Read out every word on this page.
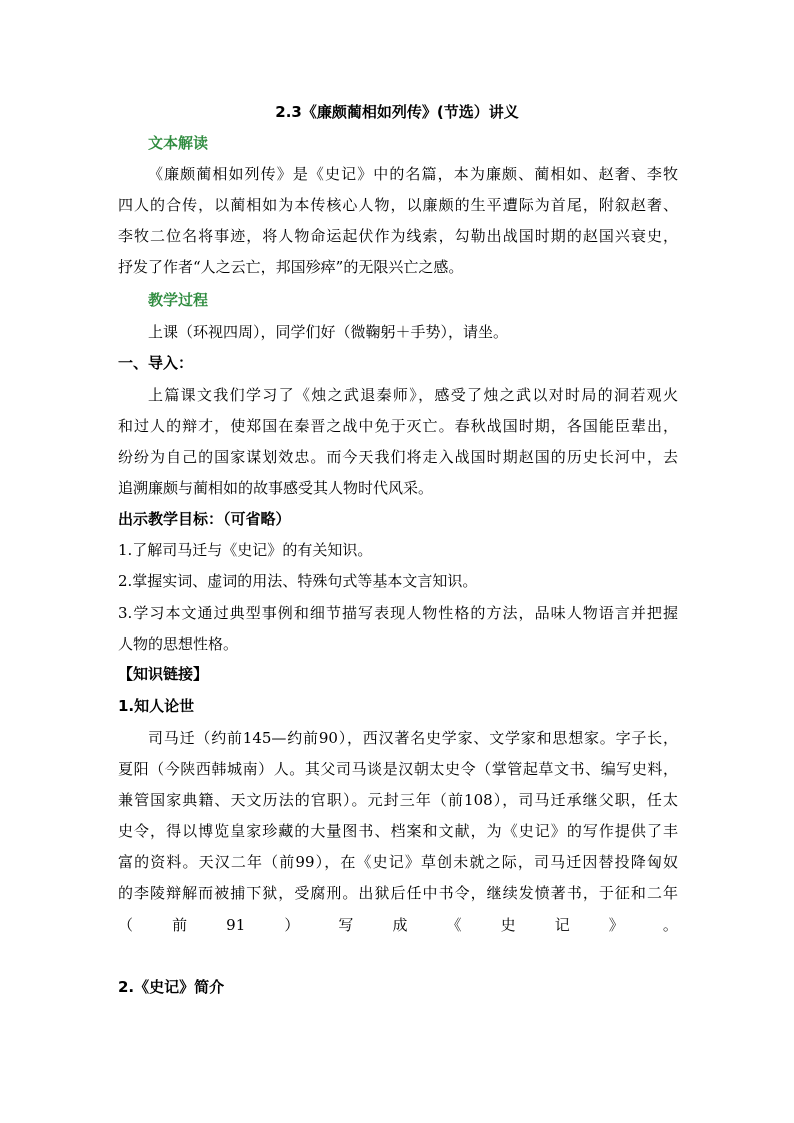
2.3《廉颇蔺相如列传》(节选）讲义
文本解读
《廉颇蔺相如列传》是《史记》中的名篇，本为廉颇、蔺相如、赵奢、李牧
四人的合传，以蔺相如为本传核心人物，以廉颇的生平遭际为首尾，附叙赵奢、
李牧二位名将事迹，将人物命运起伏作为线索，勾勒出战国时期的赵国兴衰史，
抒发了作者“人之云亡，邦国殄瘁”的无限兴亡之感。
教学过程
上课（环视四周），同学们好（微鞠躬＋手势），请坐。
一、导入：
上篇课文我们学习了《烛之武退秦师》，感受了烛之武以对时局的洞若观火
和过人的辩才，使郑国在秦晋之战中免于灭亡。春秋战国时期，各国能臣辈出，
纷纷为自己的国家谋划效忠。而今天我们将走入战国时期赵国的历史长河中，去
追溯廉颇与蔺相如的故事感受其人物时代风采。
出示教学目标：（可省略）
1.了解司马迁与《史记》的有关知识。
2.掌握实词、虚词的用法、特殊句式等基本文言知识。
3.学习本文通过典型事例和细节描写表现人物性格的方法，品味人物语言并把握
人物的思想性格。
【知识链接】
1.知人论世
司马迁（约前145—约前90），西汉著名史学家、文学家和思想家。字子长，
夏阳（今陕西韩城南）人。其父司马谈是汉朝太史令（掌管起草文书、编写史料，
兼管国家典籍、天文历法的官职）。元封三年（前108），司马迁承继父职，任太
史令，得以博览皇家珍藏的大量图书、档案和文献，为《史记》的写作提供了丰
富的资料。天汉二年（前99），在《史记》草创未就之际，司马迁因替投降匈奴
的李陵辩解而被捕下狱，受腐刑。出狱后任中书令，继续发愤著书，于征和二年
（	前	91	）	写	成	《	史	记	》	。
2.《史记》简介
